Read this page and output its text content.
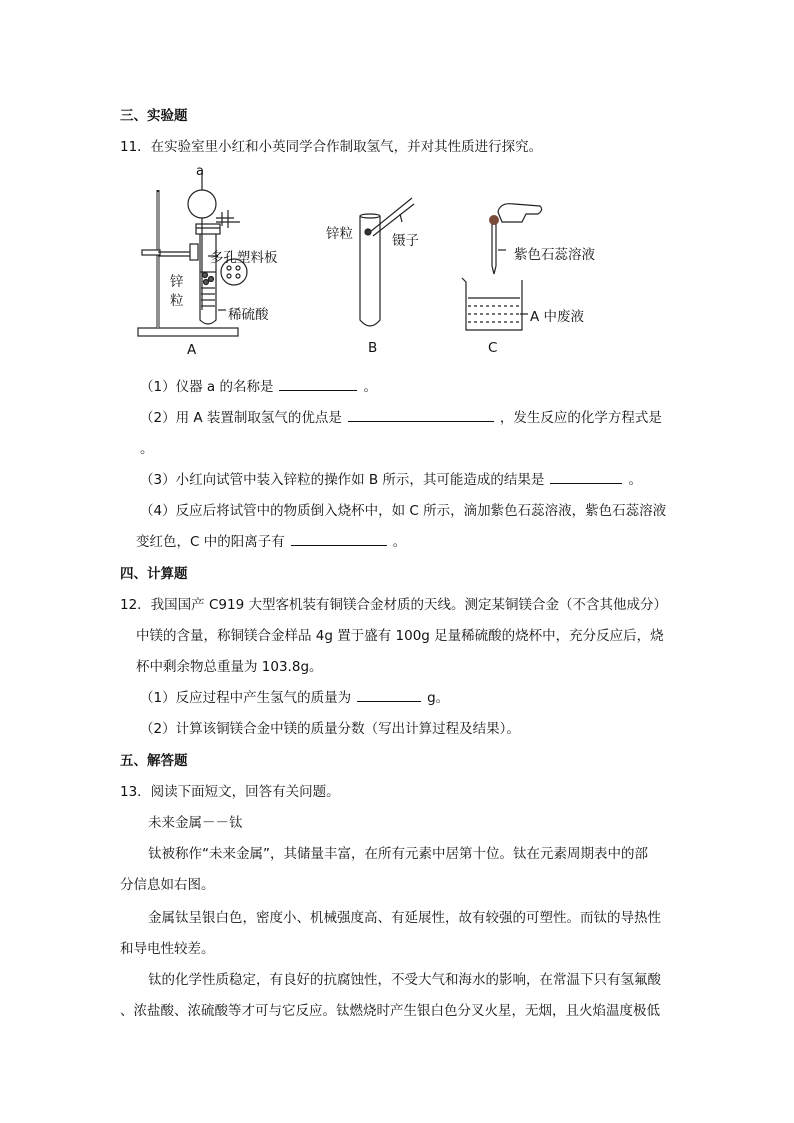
三、实验题
11．在实验室里小红和小英同学合作制取氢气，并对其性质进行探究。
a
多孔塑料板
锌
粒
稀硫酸
A
锌粒	镊子
B
紫色石蕊溶液
A 中废液
C
（1）仪器 a 的名称是	。
（2）用 A 装置制取氢气的优点是	，发生反应的化学方程式是
。
（3）小红向试管中装入锌粒的操作如 B 所示，其可能造成的结果是	。
（4）反应后将试管中的物质倒入烧杯中，如 C 所示，滴加紫色石蕊溶液，紫色石蕊溶液
变红色，C 中的阳离子有	。
四、计算题
12．我国国产 C919 大型客机装有铜镁合金材质的天线。测定某铜镁合金（不含其他成分）
中镁的含量，称铜镁合金样品 4g 置于盛有 100g 足量稀硫酸的烧杯中，充分反应后，烧
杯中剩余物总重量为 103.8g。
（1）反应过程中产生氢气的质量为	g。
（2）计算该铜镁合金中镁的质量分数（写出计算过程及结果）。
五、解答题
13．阅读下面短文，回答有关问题。
未来金属－－钛
钛被称作“未来金属”，其储量丰富，在所有元素中居第十位。钛在元素周期表中的部
分信息如右图。
金属钛呈银白色，密度小、机械强度高、有延展性，故有较强的可塑性。而钛的导热性
和导电性较差。
钛的化学性质稳定，有良好的抗腐蚀性，不受大气和海水的影响，在常温下只有氢氟酸
、浓盐酸、浓硫酸等才可与它反应。钛燃烧时产生银白色分叉火星，无烟，且火焰温度极低
